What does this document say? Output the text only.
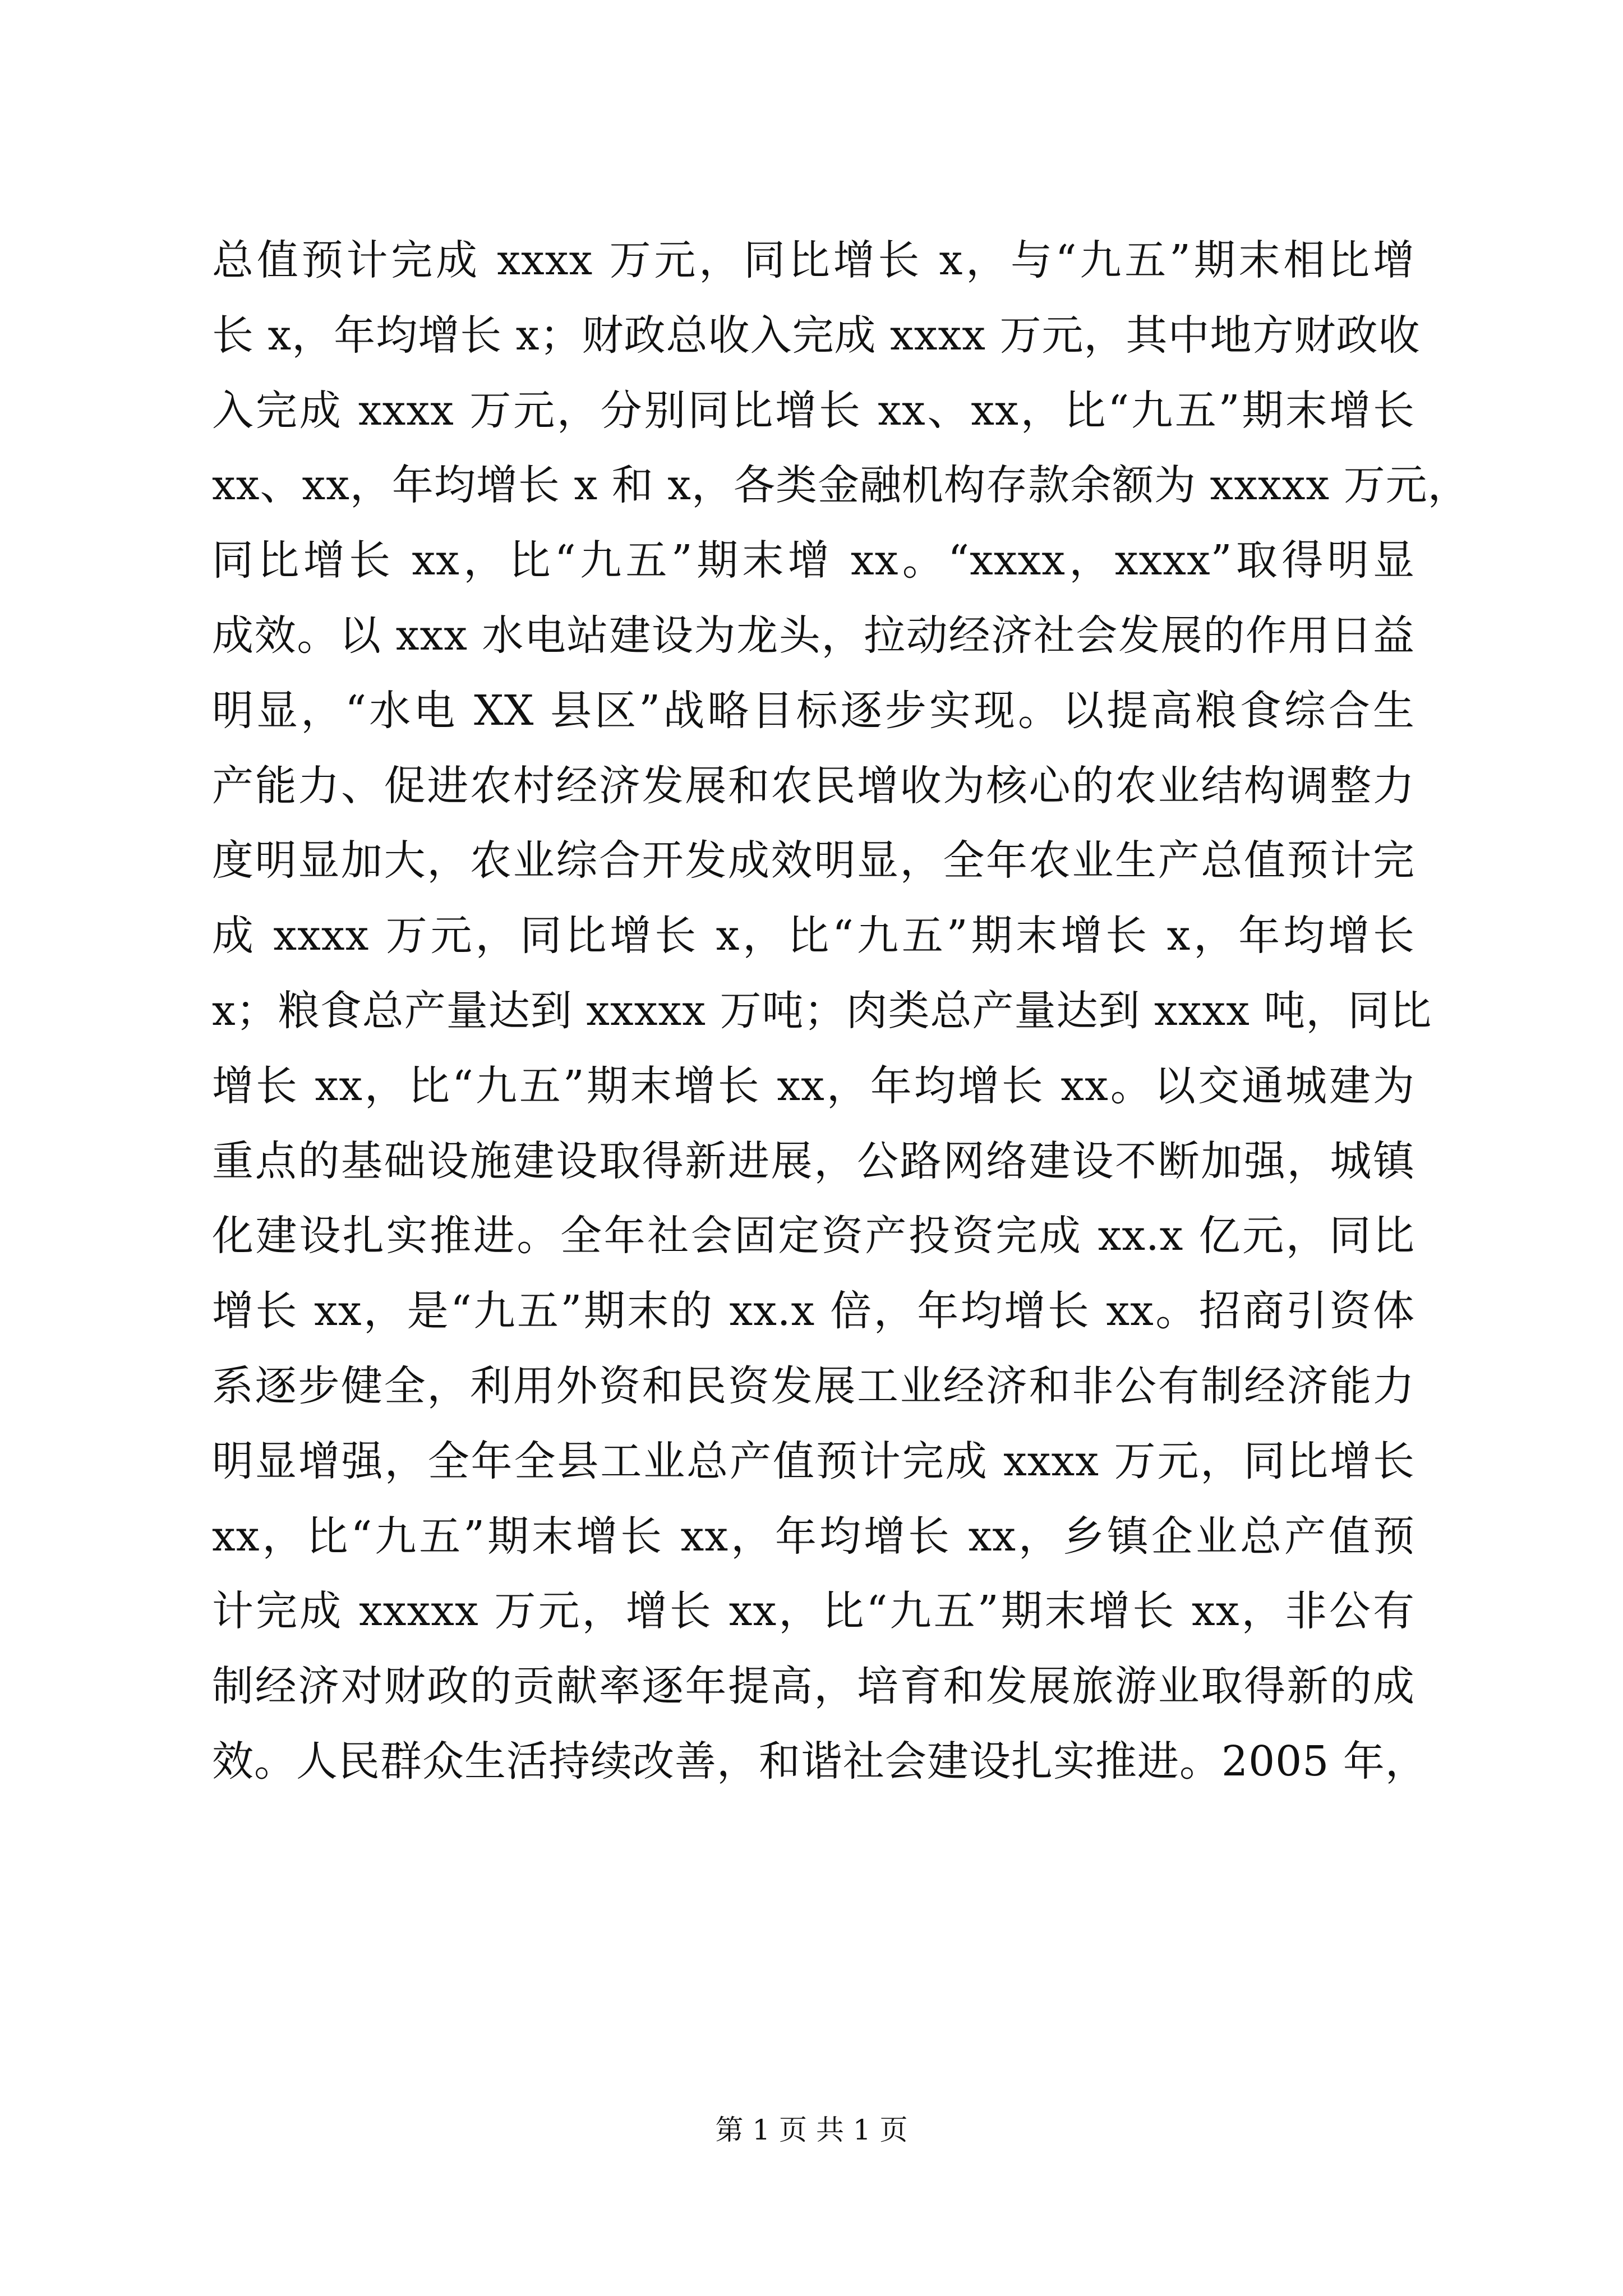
总值预计完成 xxxx 万元，同比增长 x，与“九五”期末相比增
长 x，年均增长 x；财政总收入完成 xxxx 万元，其中地方财政收
入完成 xxxx 万元，分别同比增长 xx、xx，比“九五”期末增长
xx、xx，年均增长 x 和 x，各类金融机构存款余额为 xxxxx 万元，
同比增长 xx，比“九五”期末增 xx。“xxxx，xxxx”取得明显
成效。以 xxx 水电站建设为龙头，拉动经济社会发展的作用日益
明显，“水电 XX 县区”战略目标逐步实现。以提高粮食综合生
产能力、促进农村经济发展和农民增收为核心的农业结构调整力
度明显加大，农业综合开发成效明显，全年农业生产总值预计完
成 xxxx 万元，同比增长 x，比“九五”期末增长 x，年均增长
x；粮食总产量达到 xxxxx 万吨；肉类总产量达到 xxxx 吨，同比
增长 xx，比“九五”期末增长 xx，年均增长 xx。以交通城建为
重点的基础设施建设取得新进展，公路网络建设不断加强，城镇
化建设扎实推进。全年社会固定资产投资完成 xx.x 亿元，同比
增长 xx，是“九五”期末的 xx.x 倍，年均增长 xx。招商引资体
系逐步健全，利用外资和民资发展工业经济和非公有制经济能力
明显增强，全年全县工业总产值预计完成 xxxx 万元，同比增长
xx，比“九五”期末增长 xx，年均增长 xx，乡镇企业总产值预
计完成 xxxxx 万元，增长 xx，比“九五”期末增长 xx，非公有
制经济对财政的贡献率逐年提高，培育和发展旅游业取得新的成
效。人民群众生活持续改善，和谐社会建设扎实推进。2005 年，
第 1 页 共 1 页
